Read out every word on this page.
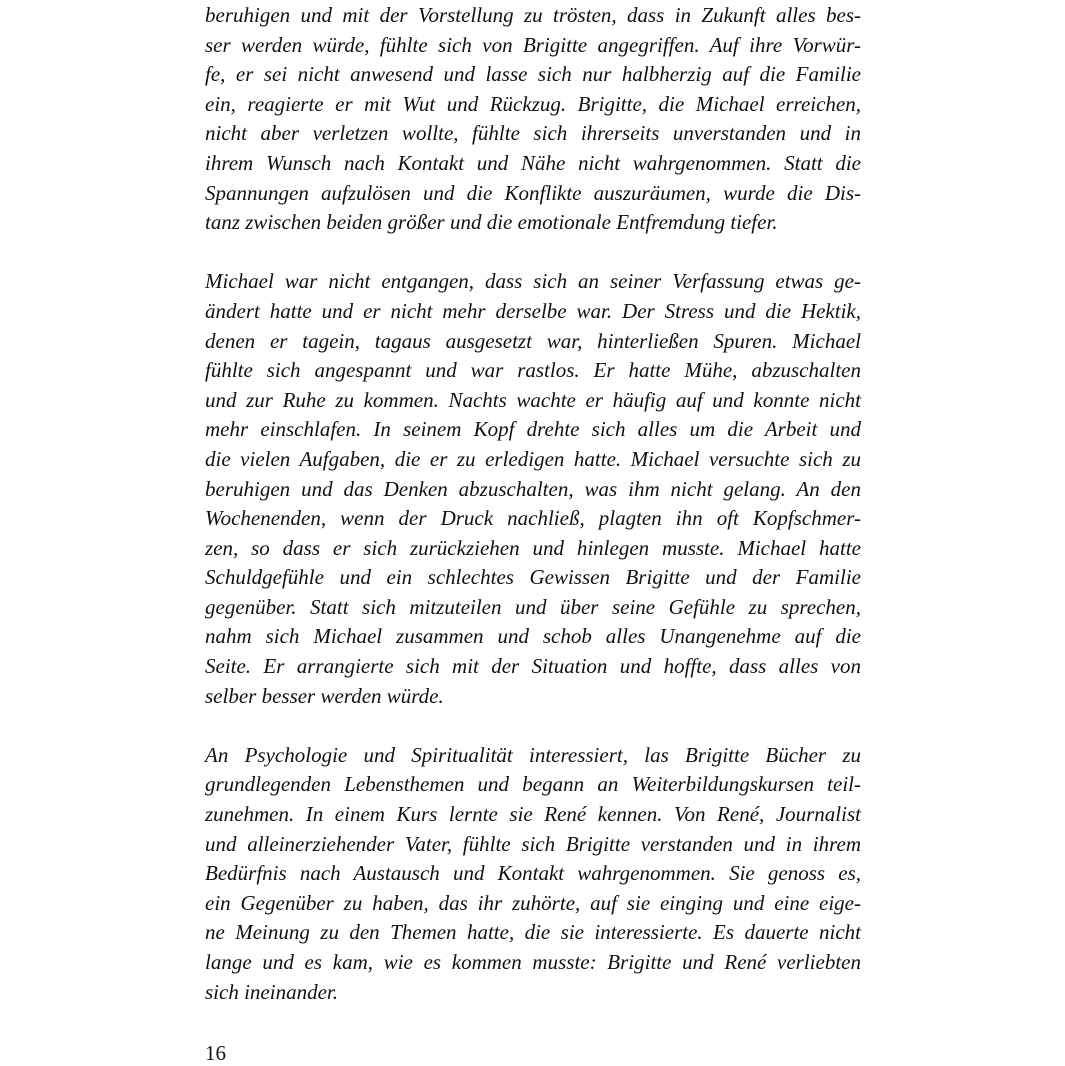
beruhigen und mit der Vorstellung zu trösten, dass in Zukunft alles bes-
ser werden würde, fühlte sich von Brigitte angegriffen. Auf ihre Vorwür-
fe, er sei nicht anwesend und lasse sich nur halbherzig auf die Familie
ein, reagierte er mit Wut und Rückzug. Brigitte, die Michael erreichen,
nicht aber verletzen wollte, fühlte sich ihrerseits unverstanden und in
ihrem Wunsch nach Kontakt und Nähe nicht wahrgenommen. Statt die
Spannungen aufzulösen und die Konflikte auszuräumen, wurde die Dis-
tanz zwischen beiden größer und die emotionale Entfremdung tiefer.
Michael war nicht entgangen, dass sich an seiner Verfassung etwas ge-
ändert hatte und er nicht mehr derselbe war. Der Stress und die Hektik,
denen er tagein, tagaus ausgesetzt war, hinterließen Spuren. Michael
fühlte sich angespannt und war rastlos. Er hatte Mühe, abzuschalten
und zur Ruhe zu kommen. Nachts wachte er häufig auf und konnte nicht
mehr einschlafen. In seinem Kopf drehte sich alles um die Arbeit und
die vielen Aufgaben, die er zu erledigen hatte. Michael versuchte sich zu
beruhigen und das Denken abzuschalten, was ihm nicht gelang. An den
Wochenenden, wenn der Druck nachließ, plagten ihn oft Kopfschmer-
zen, so dass er sich zurückziehen und hinlegen musste. Michael hatte
Schuldgefühle und ein schlechtes Gewissen Brigitte und der Familie
gegenüber. Statt sich mitzuteilen und über seine Gefühle zu sprechen,
nahm sich Michael zusammen und schob alles Unangenehme auf die
Seite. Er arrangierte sich mit der Situation und hoffte, dass alles von
selber besser werden würde.
An Psychologie und Spiritualität interessiert, las Brigitte Bücher zu
grundlegenden Lebensthemen und begann an Weiterbildungskursen teil-
zunehmen. In einem Kurs lernte sie René kennen. Von René, Journalist
und alleinerziehender Vater, fühlte sich Brigitte verstanden und in ihrem
Bedürfnis nach Austausch und Kontakt wahrgenommen. Sie genoss es,
ein Gegenüber zu haben, das ihr zuhörte, auf sie einging und eine eige-
ne Meinung zu den Themen hatte, die sie interessierte. Es dauerte nicht
lange und es kam, wie es kommen musste: Brigitte und René verliebten
sich ineinander.
16
